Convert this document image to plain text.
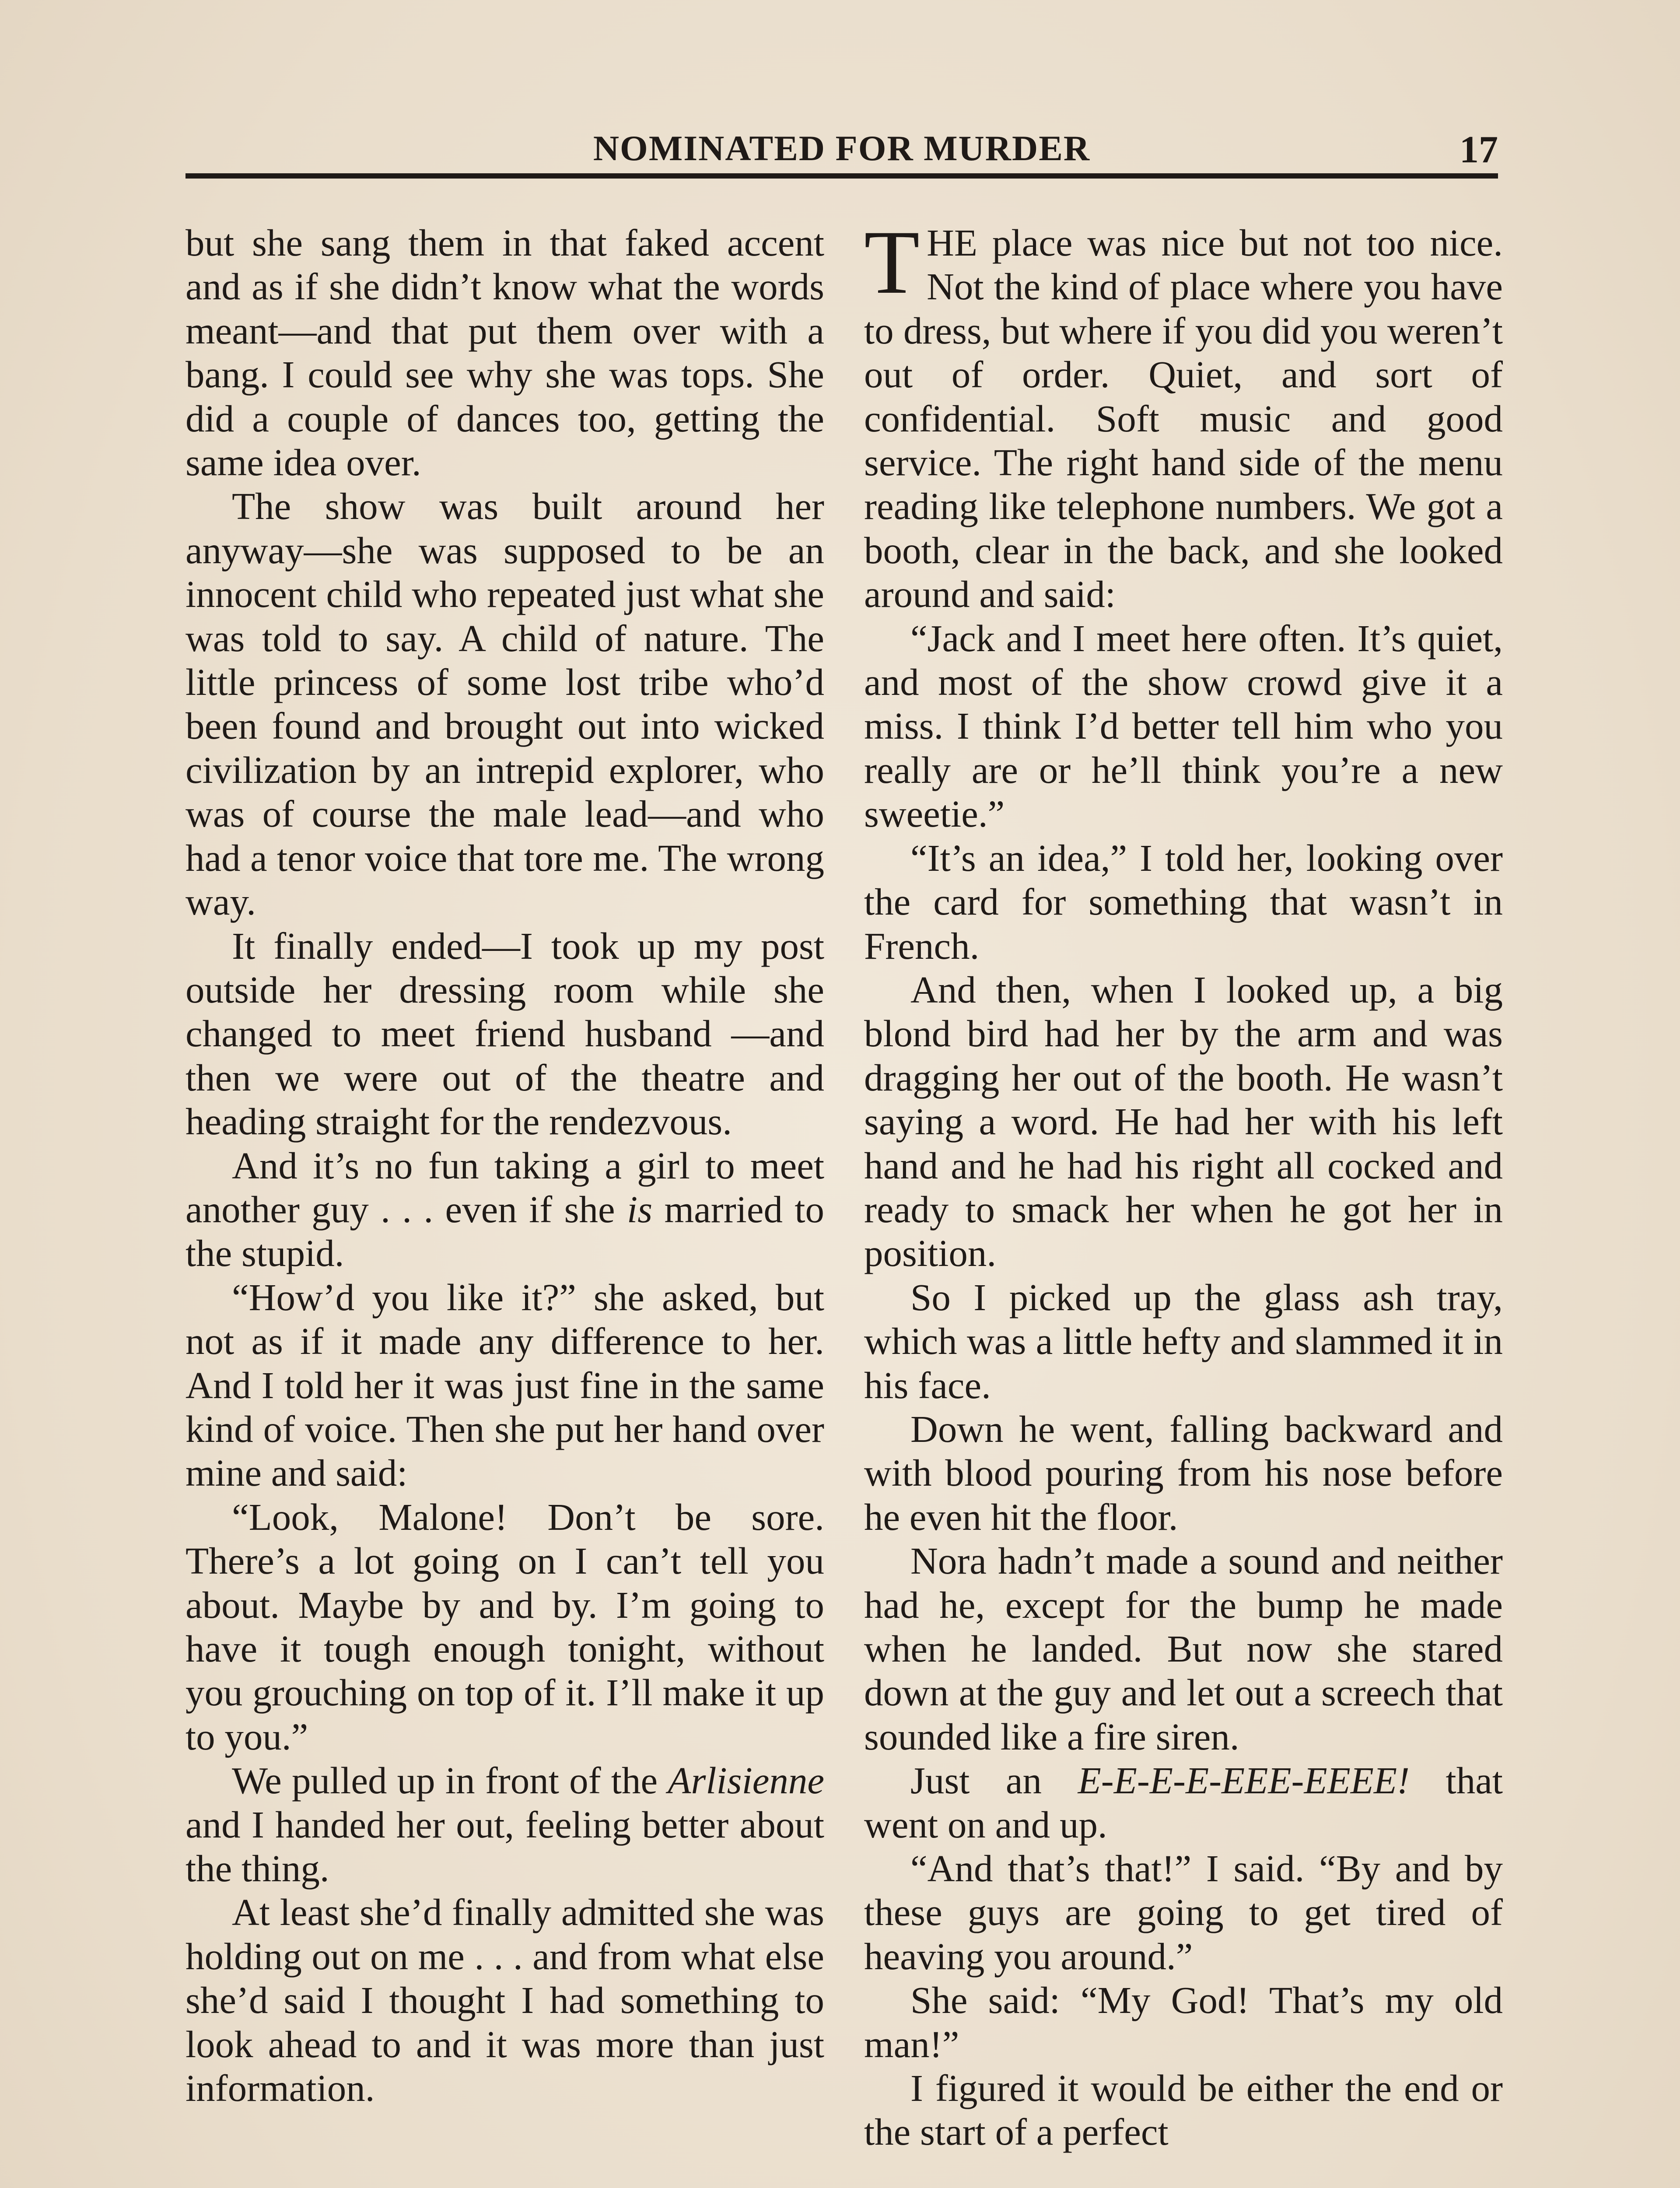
NOMINATED FOR MURDER	17

but she sang them in that faked accent and as if she didn’t know what the words meant—and that put them over with a bang. I could see why she was tops. She did a couple of dances too, getting the same idea over.

The show was built around her anyway—she was supposed to be an innocent child who repeated just what she was told to say. A child of nature. The little princess of some lost tribe who’d been found and brought out into wicked civilization by an intrepid explorer, who was of course the male lead—and who had a tenor voice that tore me. The wrong way.

It finally ended—I took up my post outside her dressing room while she changed to meet friend husband —and then we were out of the theatre and heading straight for the rendezvous.

And it’s no fun taking a girl to meet another guy . . . even if she is married to the stupid.

“How’d you like it?” she asked, but not as if it made any difference to her. And I told her it was just fine in the same kind of voice. Then she put her hand over mine and said:

“Look, Malone! Don’t be sore. There’s a lot going on I can’t tell you about. Maybe by and by. I’m going to have it tough enough tonight, without you grouching on top of it. I’ll make it up to you.”

We pulled up in front of the Arlisienne and I handed her out, feeling better about the thing.

At least she’d finally admitted she was holding out on me . . . and from what else she’d said I thought I had something to look ahead to and it was more than just information.

THE place was nice but not too nice. Not the kind of place where you have to dress, but where if you did you weren’t out of order. Quiet, and sort of confidential. Soft music and good service. The right hand side of the menu reading like telephone numbers. We got a booth, clear in the back, and she looked around and said:

“Jack and I meet here often. It’s quiet, and most of the show crowd give it a miss. I think I’d better tell him who you really are or he’ll think you’re a new sweetie.”

“It’s an idea,” I told her, looking over the card for something that wasn’t in French.

And then, when I looked up, a big blond bird had her by the arm and was dragging her out of the booth. He wasn’t saying a word. He had her with his left hand and he had his right all cocked and ready to smack her when he got her in position.

So I picked up the glass ash tray, which was a little hefty and slammed it in his face.

Down he went, falling backward and with blood pouring from his nose before he even hit the floor.

Nora hadn’t made a sound and neither had he, except for the bump he made when he landed. But now she stared down at the guy and let out a screech that sounded like a fire siren.

Just an E-E-E-E-EEE-EEEE! that went on and up.

“And that’s that!” I said. “By and by these guys are going to get tired of heaving you around.”

She said: “My God! That’s my old man!”

I figured it would be either the end or the start of a perfect
